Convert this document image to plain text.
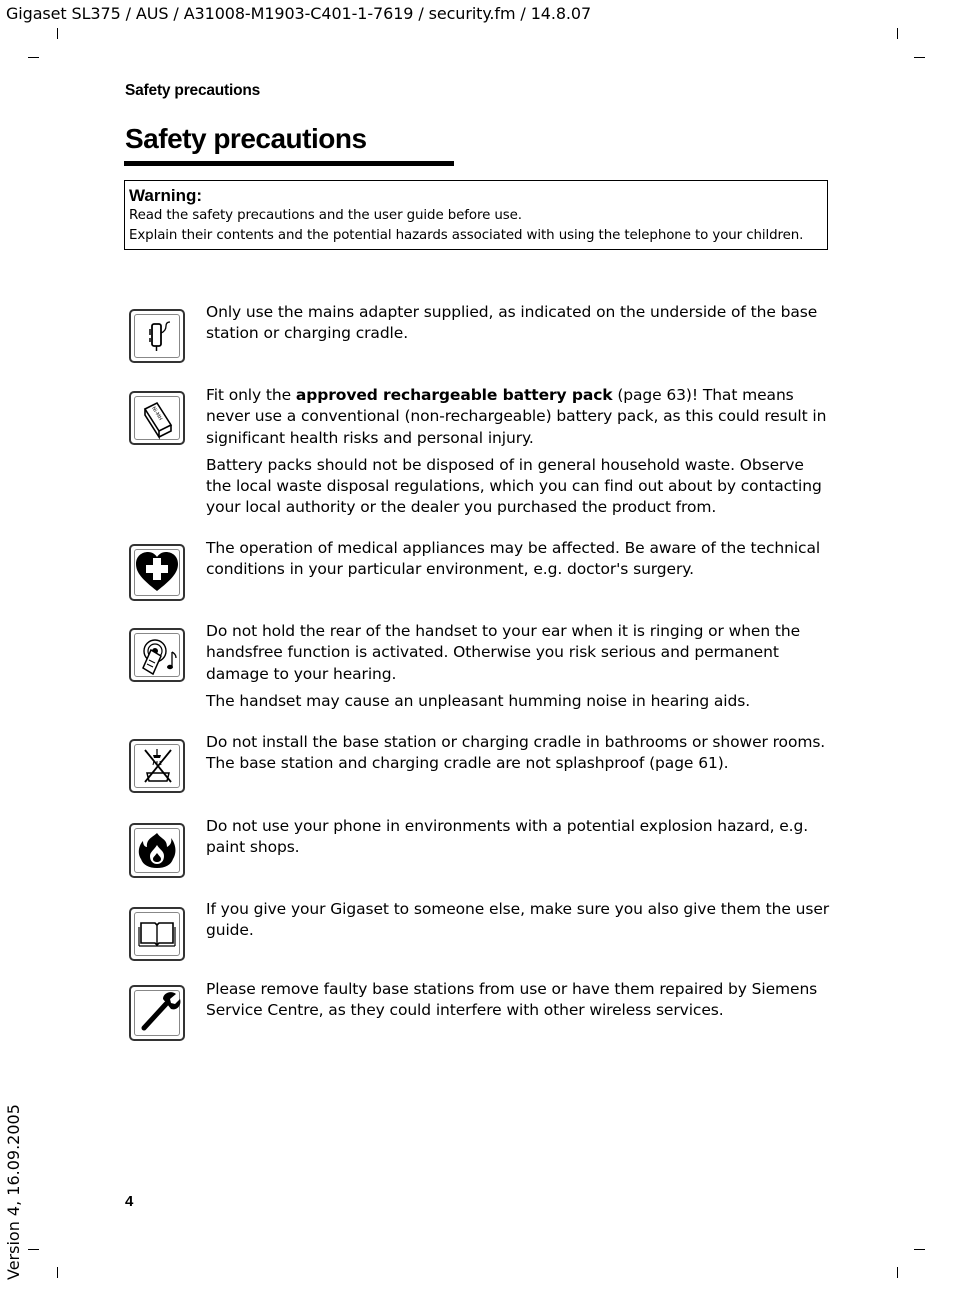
Gigaset SL375 / AUS / A31008-M1903-C401-1-7619 / security.fm / 14.8.07
Safety precautions
Safety precautions
Warning:
Read the safety precautions and the user guide before use.
Explain their contents and the potential hazards associated with using the telephone to your children.

Only use the mains adapter supplied, as indicated on the underside of the base station or charging cradle.

Ni-MH

Fit only the approved rechargeable battery pack (page 63)! That means never use a conventional (non-rechargeable) battery pack, as this could result in significant health risks and personal injury.

Battery packs should not be disposed of in general household waste. Observe the local waste disposal regulations, which you can find out about by contacting your local authority or the dealer you purchased the product from.

The operation of medical appliances may be affected. Be aware of the technical conditions in your particular environment, e.g. doctor's surgery.

Do not hold the rear of the handset to your ear when it is ringing or when the handsfree function is activated. Otherwise you risk serious and permanent damage to your hearing.

The handset may cause an unpleasant humming noise in hearing aids.

Do not install the base station or charging cradle in bathrooms or shower rooms. The base station and charging cradle are not splashproof (page 61).

Do not use your phone in environments with a potential explosion hazard, e.g. paint shops.

If you give your Gigaset to someone else, make sure you also give them the user guide.

Please remove faulty base stations from use or have them repaired by Siemens Service Centre, as they could interfere with other wireless services.

4
Version 4, 16.09.2005
